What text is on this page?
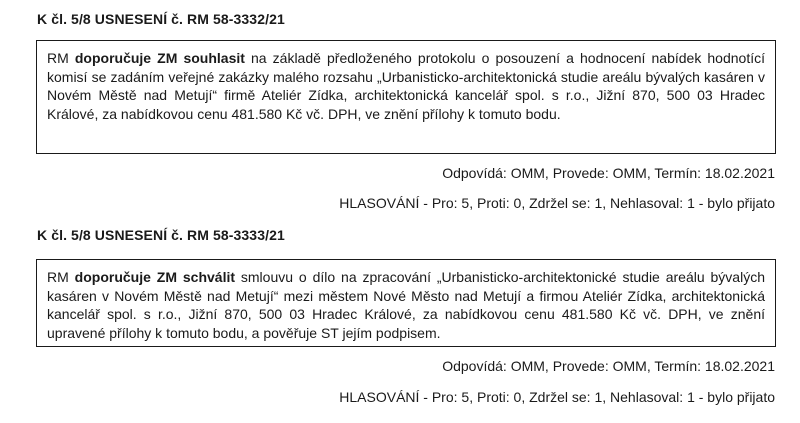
K čl. 5/8 USNESENÍ č. RM 58-3332/21
RM doporučuje ZM souhlasit na základě předloženého protokolu o posouzení a hodnocení nabídek hodnotící komisí se zadáním veřejné zakázky malého rozsahu „Urbanisticko-architektonická studie areálu bývalých kasáren v Novém Městě nad Metují“ firmě Ateliér Zídka, architektonická kancelář spol. s r.o., Jižní 870, 500 03 Hradec Králové, za nabídkovou cenu 481.580 Kč vč. DPH, ve znění přílohy k tomuto bodu.
Odpovídá: OMM, Provede: OMM, Termín: 18.02.2021
HLASOVÁNÍ - Pro: 5, Proti: 0, Zdržel se: 1, Nehlasoval: 1 - bylo přijato
K čl. 5/8 USNESENÍ č. RM 58-3333/21
RM doporučuje ZM schválit smlouvu o dílo na zpracování „Urbanisticko-architektonické studie areálu bývalých kasáren v Novém Městě nad Metují“ mezi městem Nové Město nad Metují a firmou Ateliér Zídka, architektonická kancelář spol. s r.o., Jižní 870, 500 03 Hradec Králové, za nabídkovou cenu 481.580 Kč vč. DPH, ve znění upravené přílohy k tomuto bodu, a pověřuje ST jejím podpisem.
Odpovídá: OMM, Provede: OMM, Termín: 18.02.2021
HLASOVÁNÍ - Pro: 5, Proti: 0, Zdržel se: 1, Nehlasoval: 1 - bylo přijato
